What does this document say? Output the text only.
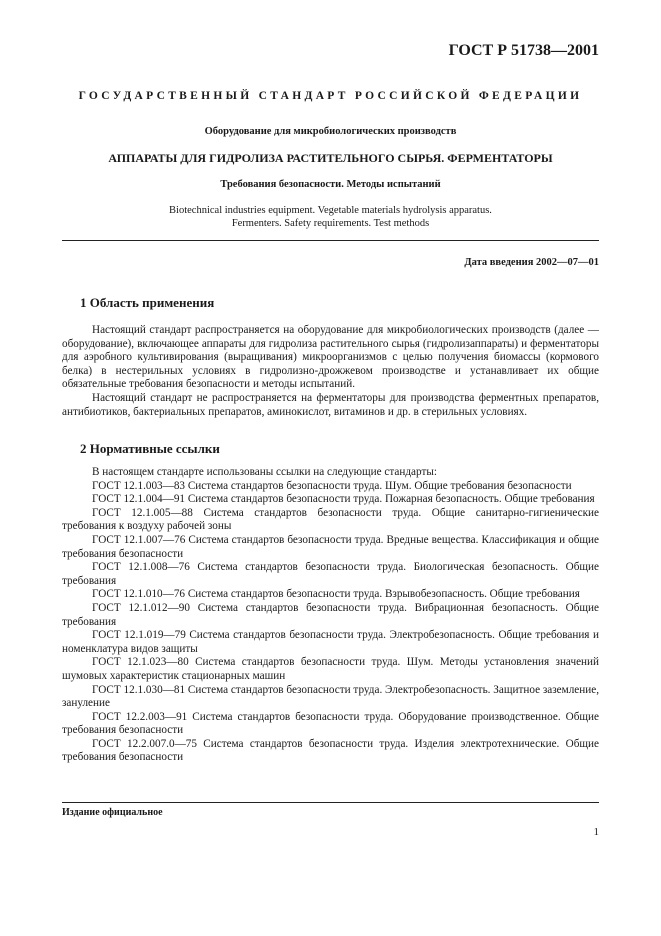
ГОСТ Р 51738—2001
ГОСУДАРСТВЕННЫЙ СТАНДАРТ РОССИЙСКОЙ ФЕДЕРАЦИИ
Оборудование для микробиологических производств
АППАРАТЫ ДЛЯ ГИДРОЛИЗА РАСТИТЕЛЬНОГО СЫРЬЯ. ФЕРМЕНТАТОРЫ
Требования безопасности. Методы испытаний
Biotechnical industries equipment. Vegetable materials hydrolysis apparatus.
Fermenters. Safety requirements. Test methods
Дата введения 2002—07—01
1 Область применения
Настоящий стандарт распространяется на оборудование для микробиологических производств (далее — оборудование), включающее аппараты для гидролиза растительного сырья (гидролизаппараты) и ферментаторы для аэробного культивирования (выращивания) микроорганизмов с целью получения биомассы (кормового белка) в нестерильных условиях в гидролизно-дрожжевом производстве и устанавливает их общие обязательные требования безопасности и методы испытаний.
Настоящий стандарт не распространяется на ферментаторы для производства ферментных препаратов, антибиотиков, бактериальных препаратов, аминокислот, витаминов и др. в стерильных условиях.
2 Нормативные ссылки
В настоящем стандарте использованы ссылки на следующие стандарты:
ГОСТ 12.1.003—83 Система стандартов безопасности труда. Шум. Общие требования безопасности
ГОСТ 12.1.004—91 Система стандартов безопасности труда. Пожарная безопасность. Общие требования
ГОСТ 12.1.005—88 Система стандартов безопасности труда. Общие санитарно-гигиенические требования к воздуху рабочей зоны
ГОСТ 12.1.007—76 Система стандартов безопасности труда. Вредные вещества. Классификация и общие требования безопасности
ГОСТ 12.1.008—76 Система стандартов безопасности труда. Биологическая безопасность. Общие требования
ГОСТ 12.1.010—76 Система стандартов безопасности труда. Взрывобезопасность. Общие требования
ГОСТ 12.1.012—90 Система стандартов безопасности труда. Вибрационная безопасность. Общие требования
ГОСТ 12.1.019—79 Система стандартов безопасности труда. Электробезопасность. Общие требования и номенклатура видов защиты
ГОСТ 12.1.023—80 Система стандартов безопасности труда. Шум. Методы установления значений шумовых характеристик стационарных машин
ГОСТ 12.1.030—81 Система стандартов безопасности труда. Электробезопасность. Защитное заземление, зануление
ГОСТ 12.2.003—91 Система стандартов безопасности труда. Оборудование производственное. Общие требования безопасности
ГОСТ 12.2.007.0—75 Система стандартов безопасности труда. Изделия электротехнические. Общие требования безопасности
Издание официальное
1
